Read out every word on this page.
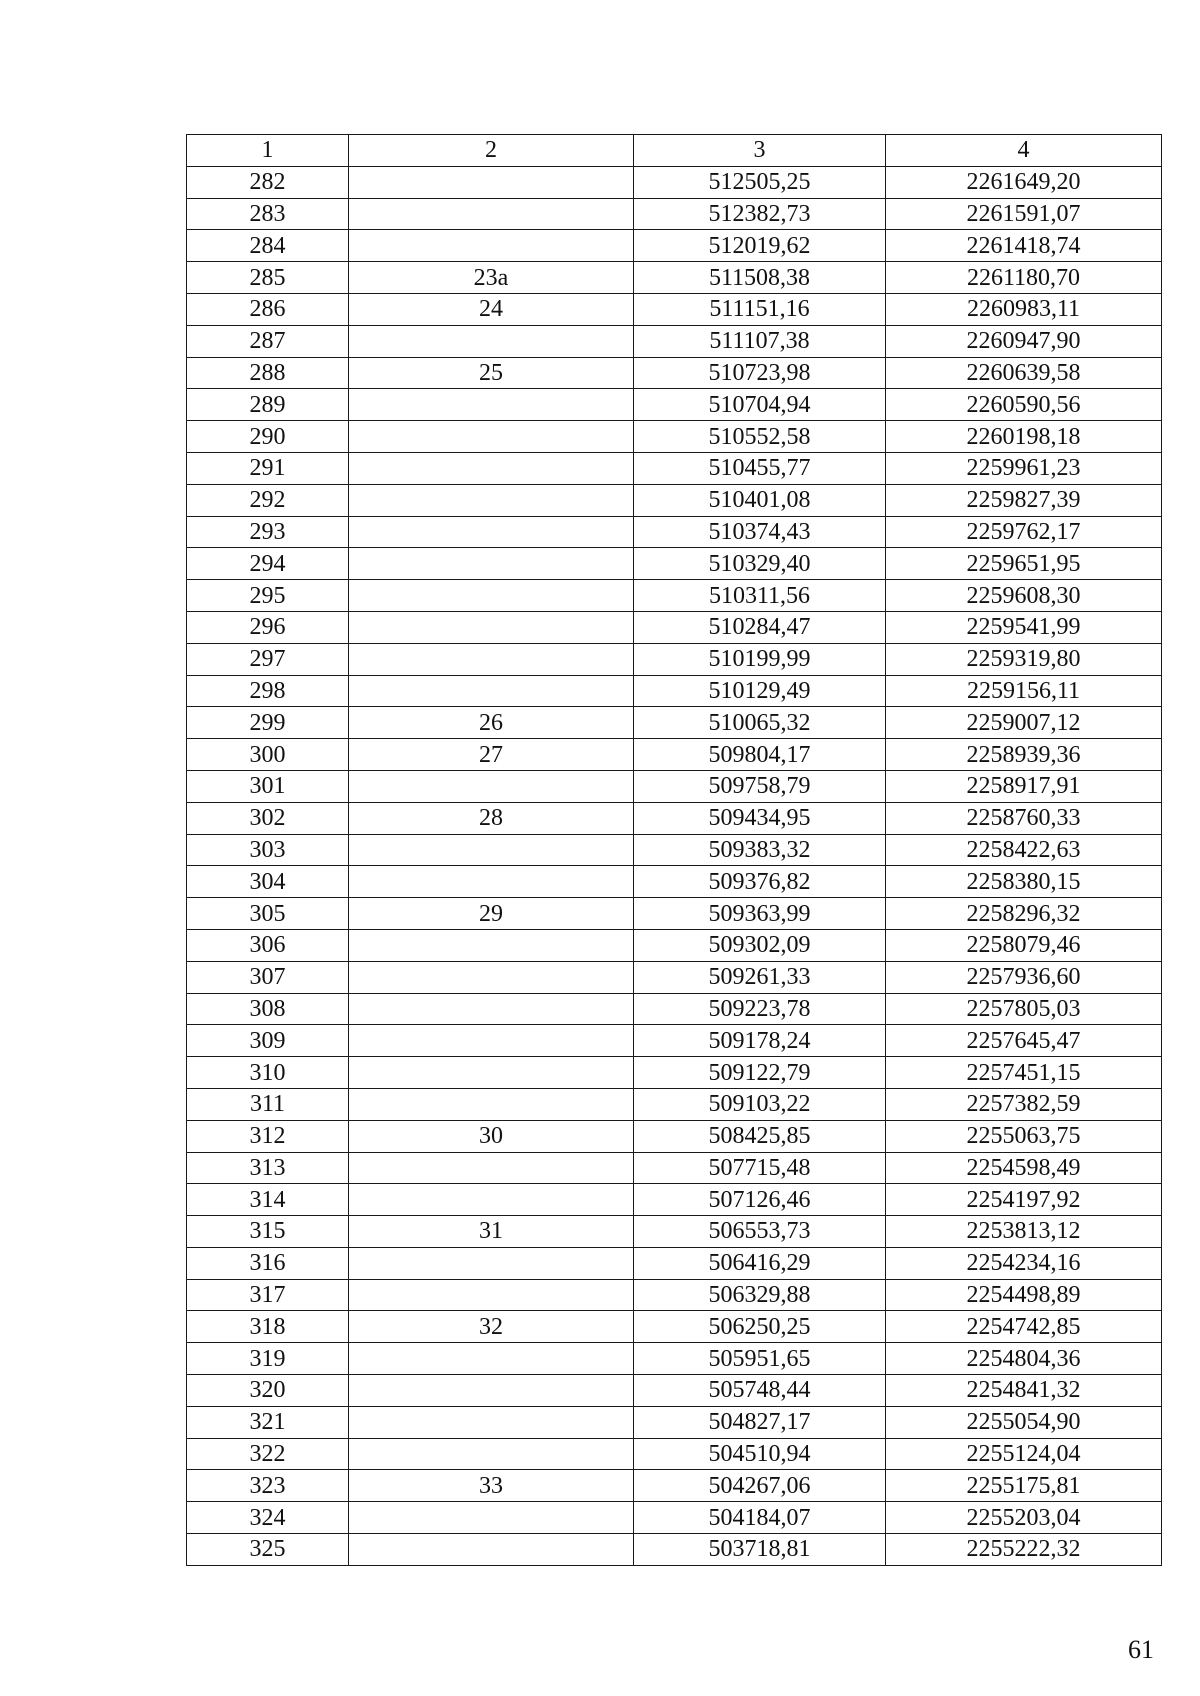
1	2	3	4
282		512505,25	2261649,20
283		512382,73	2261591,07
284		512019,62	2261418,74
285	23a	511508,38	2261180,70
286	24	511151,16	2260983,11
287		511107,38	2260947,90
288	25	510723,98	2260639,58
289		510704,94	2260590,56
290		510552,58	2260198,18
291		510455,77	2259961,23
292		510401,08	2259827,39
293		510374,43	2259762,17
294		510329,40	2259651,95
295		510311,56	2259608,30
296		510284,47	2259541,99
297		510199,99	2259319,80
298		510129,49	2259156,11
299	26	510065,32	2259007,12
300	27	509804,17	2258939,36
301		509758,79	2258917,91
302	28	509434,95	2258760,33
303		509383,32	2258422,63
304		509376,82	2258380,15
305	29	509363,99	2258296,32
306		509302,09	2258079,46
307		509261,33	2257936,60
308		509223,78	2257805,03
309		509178,24	2257645,47
310		509122,79	2257451,15
311		509103,22	2257382,59
312	30	508425,85	2255063,75
313		507715,48	2254598,49
314		507126,46	2254197,92
315	31	506553,73	2253813,12
316		506416,29	2254234,16
317		506329,88	2254498,89
318	32	506250,25	2254742,85
319		505951,65	2254804,36
320		505748,44	2254841,32
321		504827,17	2255054,90
322		504510,94	2255124,04
323	33	504267,06	2255175,81
324		504184,07	2255203,04
325		503718,81	2255222,32
61
